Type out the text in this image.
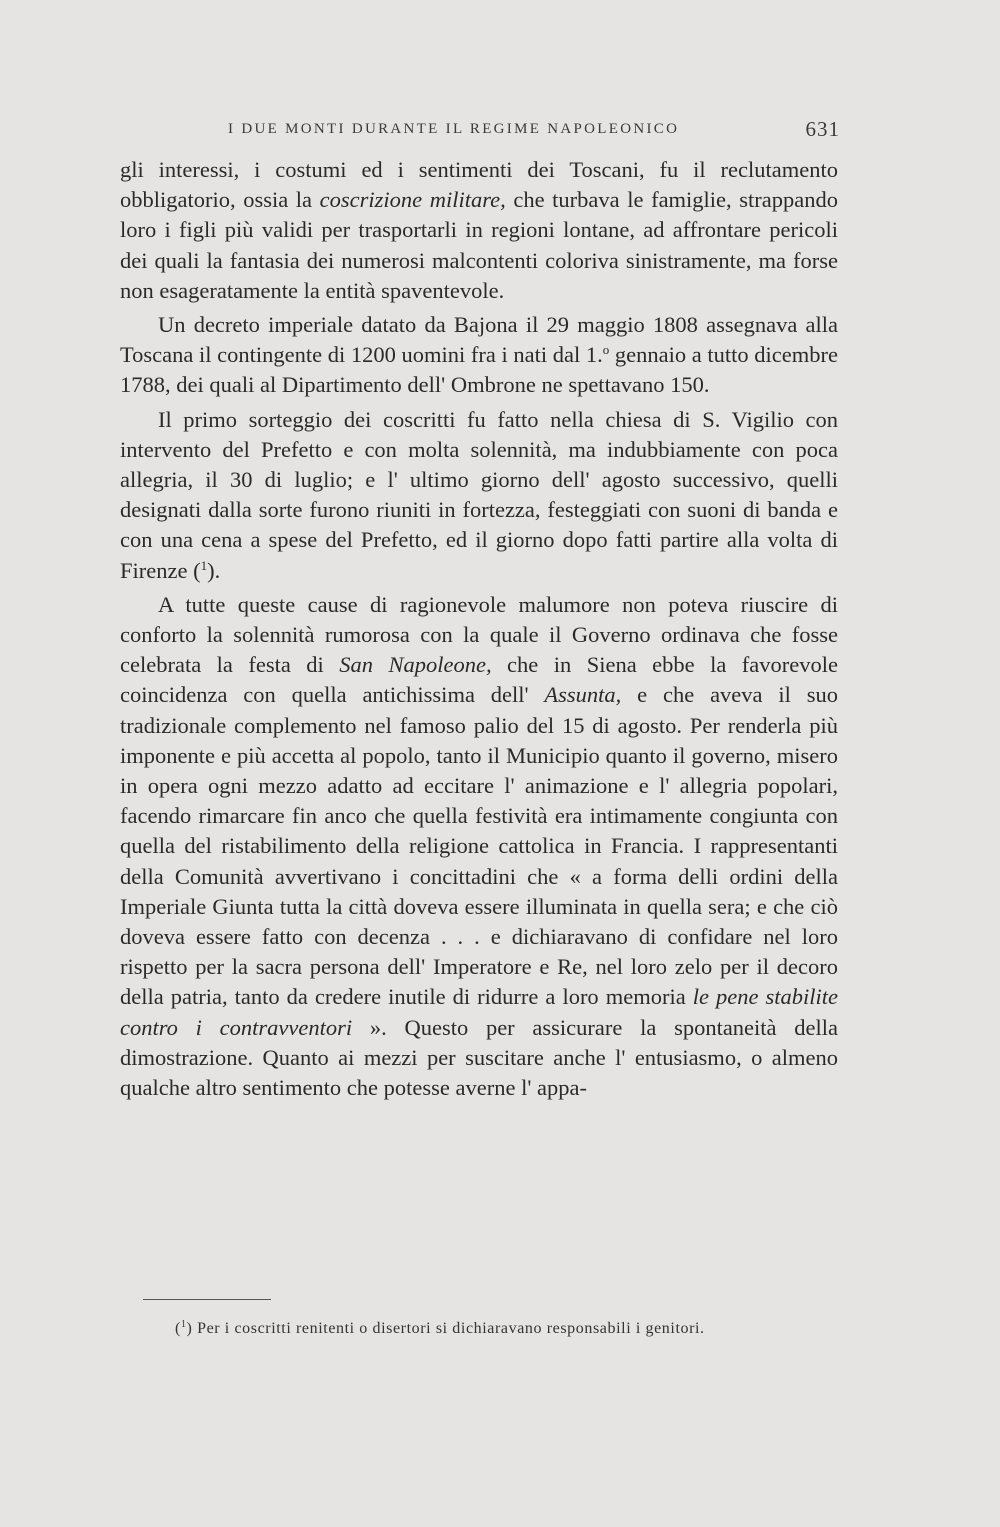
I DUE MONTI DURANTE IL REGIME NAPOLEONICO	631

gli interessi, i costumi ed i sentimenti dei Toscani, fu il reclutamento obbligatorio, ossia la coscrizione militare, che turbava le famiglie, strappando loro i figli più validi per trasportarli in regioni lontane, ad affrontare pericoli dei quali la fantasia dei numerosi malcontenti coloriva sinistramente, ma forse non esageratamente la entità spaventevole.

Un decreto imperiale datato da Bajona il 29 maggio 1808 assegnava alla Toscana il contingente di 1200 uomini fra i nati dal 1.$^o$ gennaio a tutto dicembre 1788, dei quali al Dipartimento dell' Ombrone ne spettavano 150.

Il primo sorteggio dei coscritti fu fatto nella chiesa di S. Vigilio con intervento del Prefetto e con molta solennità, ma indubbiamente con poca allegria, il 30 di luglio; e l' ultimo giorno dell' agosto successivo, quelli designati dalla sorte furono riuniti in fortezza, festeggiati con suoni di banda e con una cena a spese del Prefetto, ed il giorno dopo fatti partire alla volta di Firenze ($^1$).

A tutte queste cause di ragionevole malumore non poteva riuscire di conforto la solennità rumorosa con la quale il Governo ordinava che fosse celebrata la festa di San Napoleone, che in Siena ebbe la favorevole coincidenza con quella antichissima dell' Assunta, e che aveva il suo tradizionale complemento nel famoso palio del 15 di agosto. Per renderla più imponente e più accetta al popolo, tanto il Municipio quanto il governo, misero in opera ogni mezzo adatto ad eccitare l' animazione e l' allegria popolari, facendo rimarcare fin anco che quella festività era intimamente congiunta con quella del ristabilimento della religione cattolica in Francia. I rappresentanti della Comunità avvertivano i concittadini che « a forma delli ordini della Imperiale Giunta tutta la città doveva essere illuminata in quella sera; e che ciò doveva essere fatto con decenza . . . e dichiaravano di confidare nel loro rispetto per la sacra persona dell' Imperatore e Re, nel loro zelo per il decoro della patria, tanto da credere inutile di ridurre a loro memoria le pene stabilite contro i contravventori ». Questo per assicurare la spontaneità della dimostrazione. Quanto ai mezzi per suscitare anche l' entusiasmo, o almeno qualche altro sentimento che potesse averne l' appa-

($^1$) Per i coscritti renitenti o disertori si dichiaravano responsabili i genitori.
